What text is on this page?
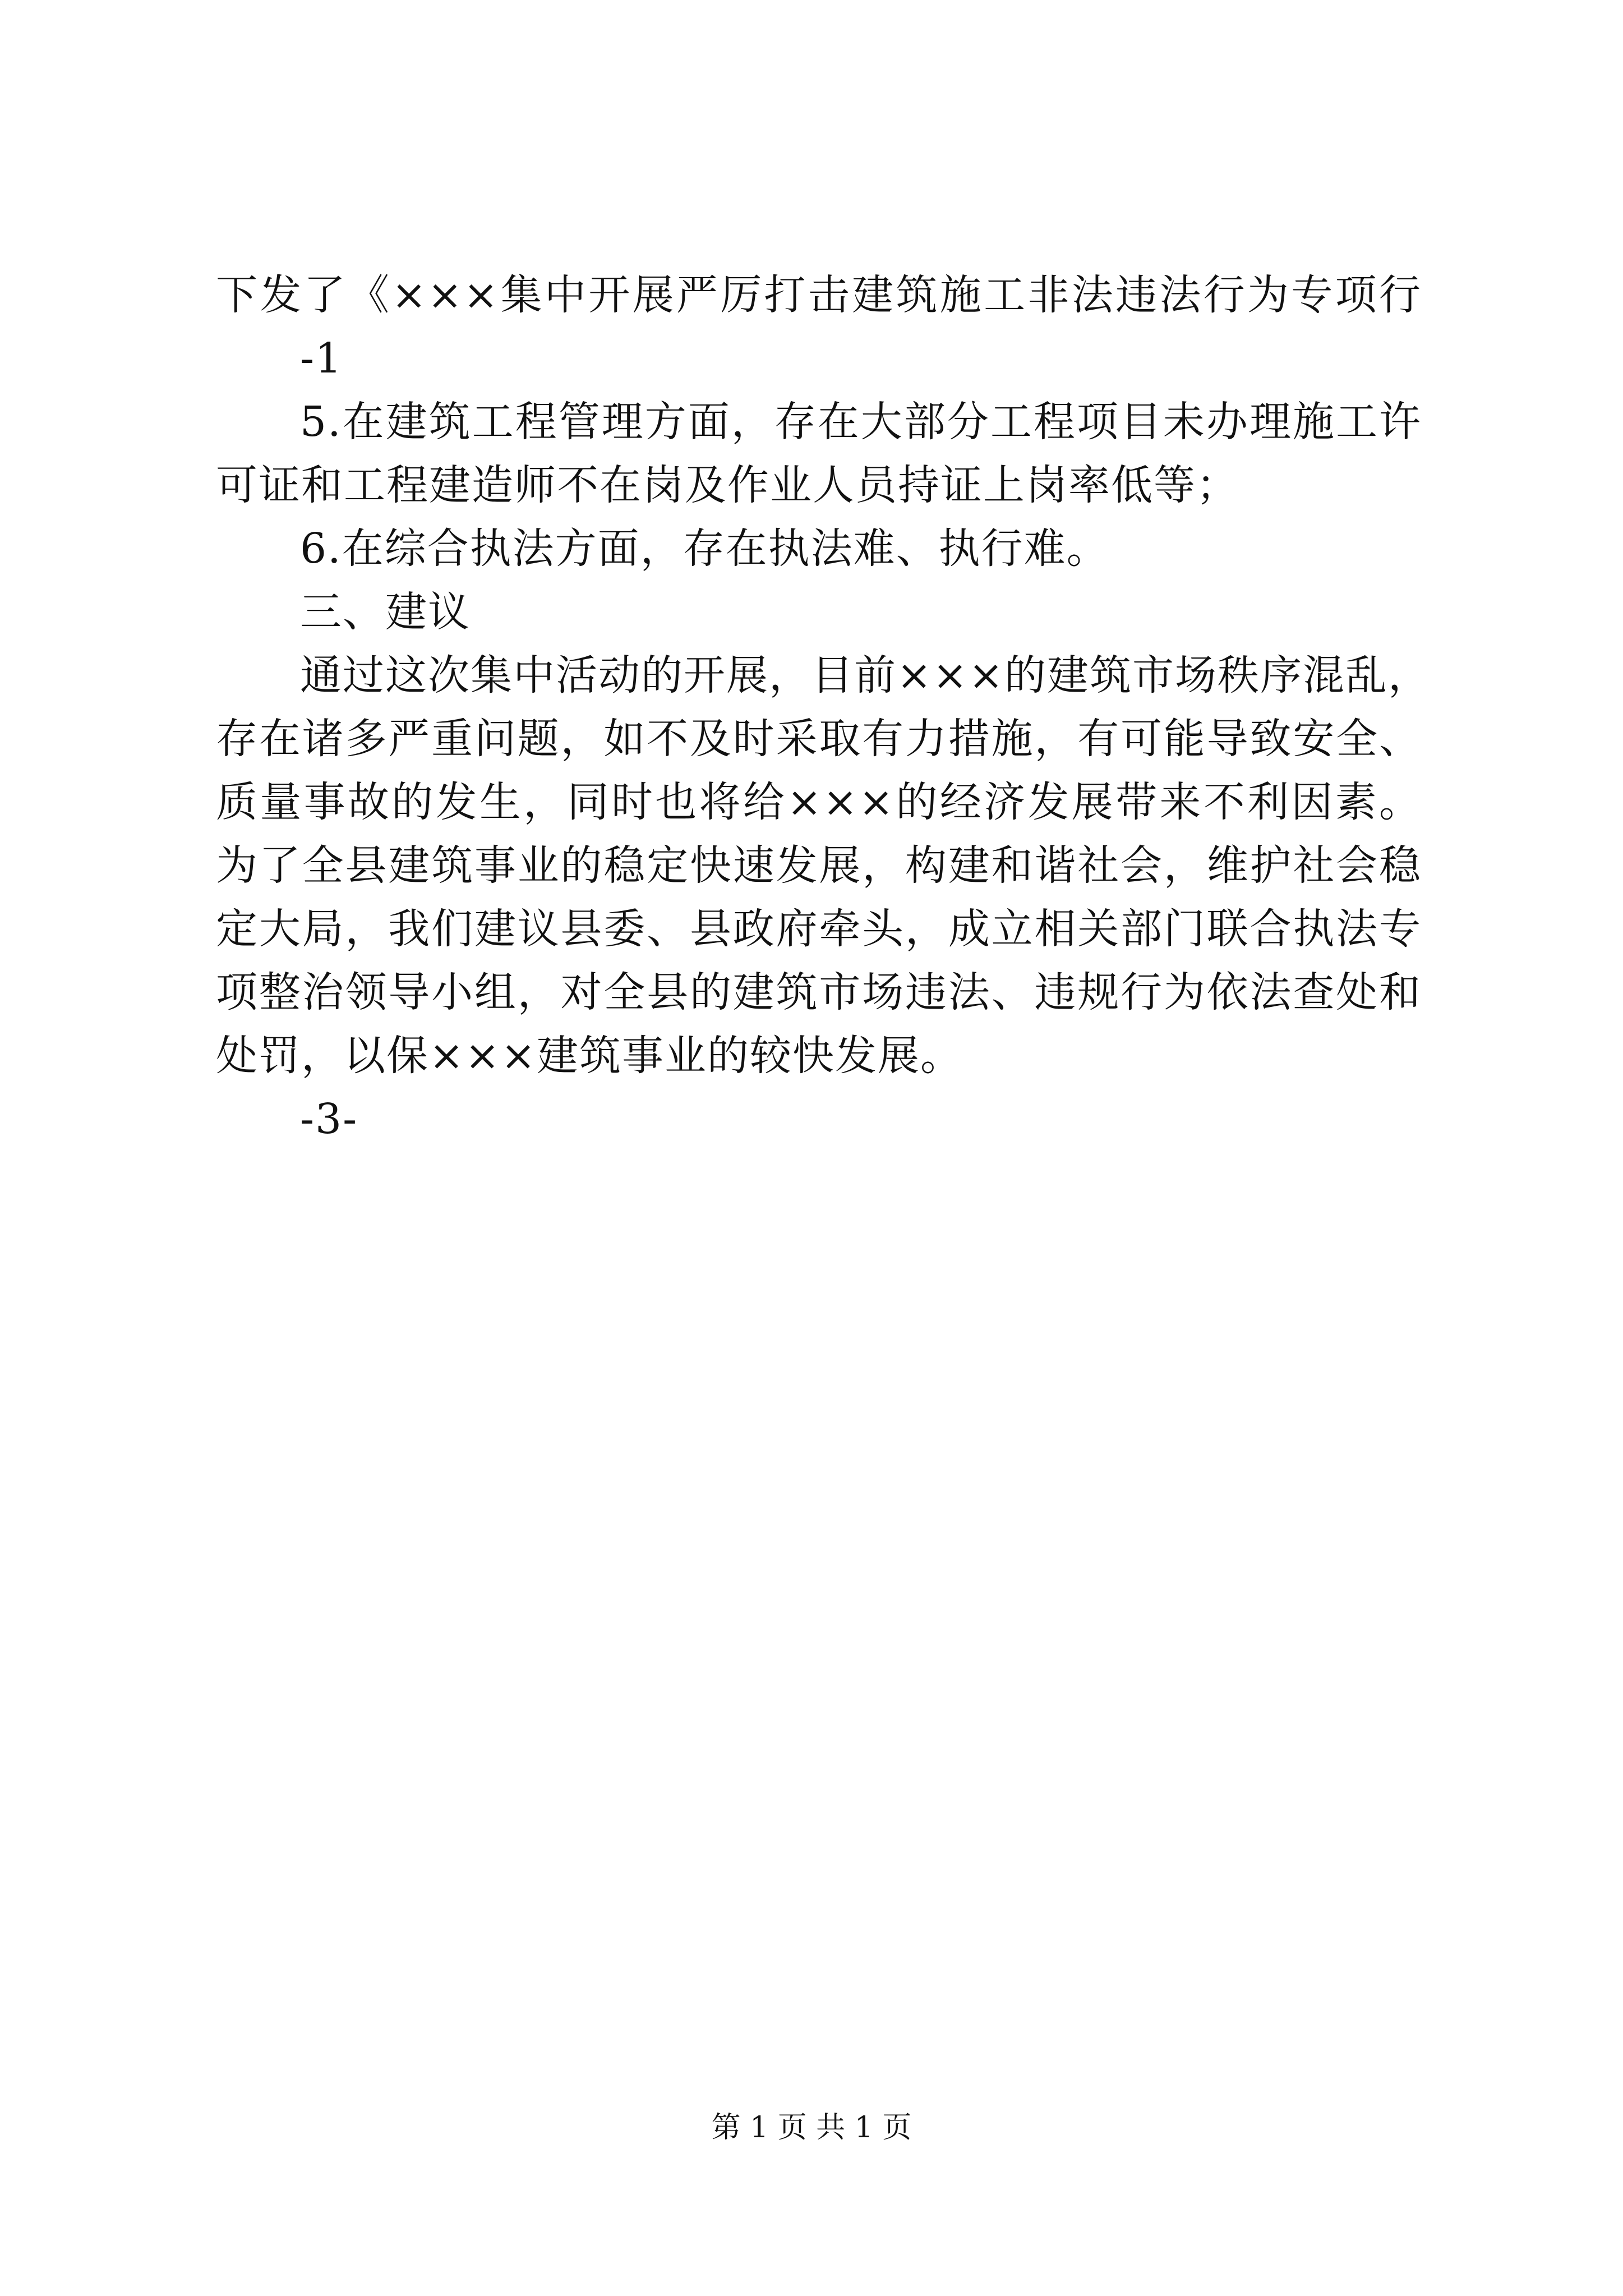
下发了《×××集中开展严厉打击建筑施工非法违法行为专项行
-1
5.在建筑工程管理方面，存在大部分工程项目未办理施工许
可证和工程建造师不在岗及作业人员持证上岗率低等；
6.在综合执法方面，存在执法难、执行难。
三、建议
通过这次集中活动的开展，目前×××的建筑市场秩序混乱，
存在诸多严重问题，如不及时采取有力措施，有可能导致安全、
质量事故的发生，同时也将给×××的经济发展带来不利因素。
为了全县建筑事业的稳定快速发展，构建和谐社会，维护社会稳
定大局，我们建议县委、县政府牵头，成立相关部门联合执法专
项整治领导小组，对全县的建筑市场违法、违规行为依法查处和
处罚，以保×××建筑事业的较快发展。
-3-
第 1 页 共 1 页
